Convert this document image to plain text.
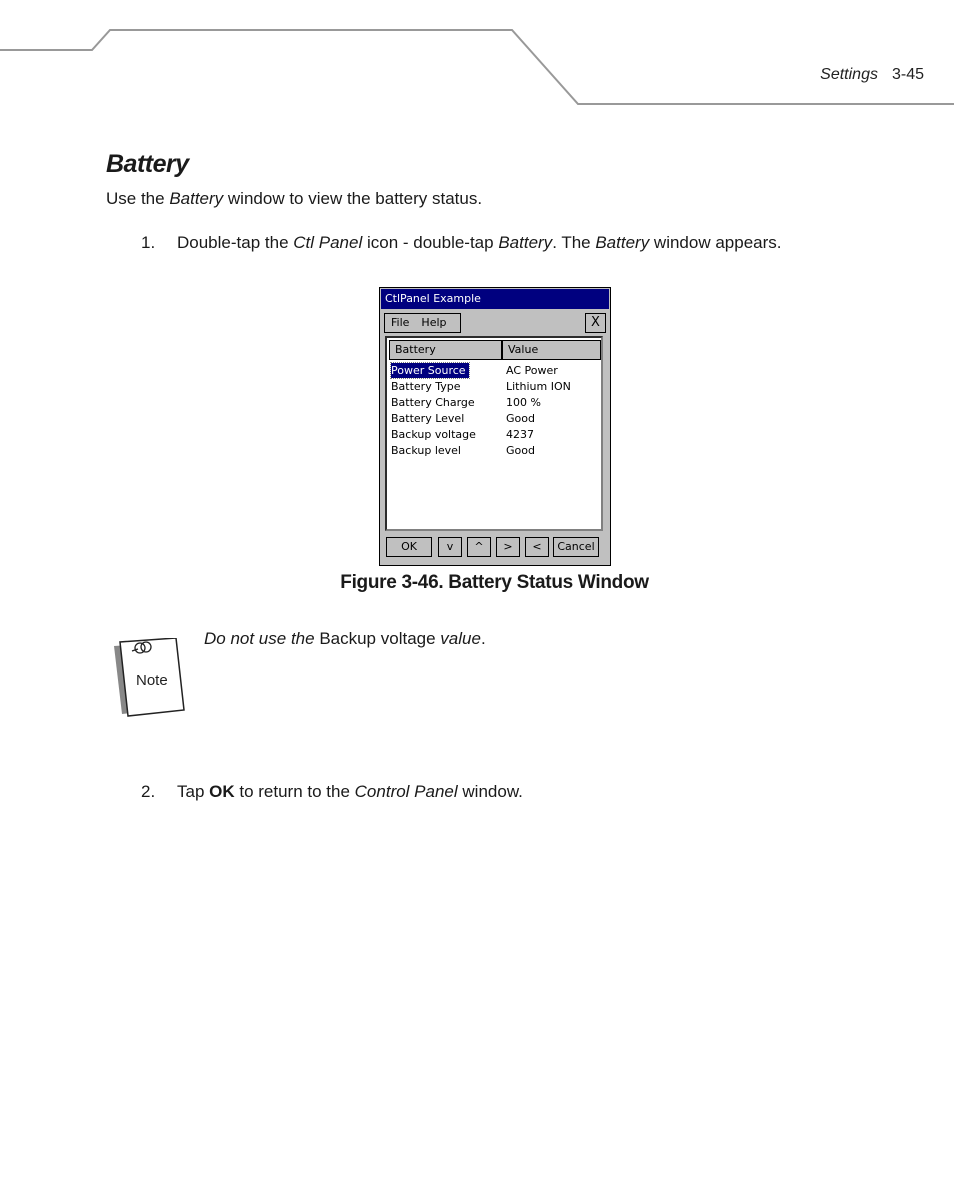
Settings 3-45
Battery

Use the Battery window to view the battery status.

1. Double-tap the Ctl Panel icon - double-tap Battery. The Battery window appears.

CtlPanel Example
File Help	X
Battery	Value
Power Source	AC Power
Battery Type	Lithium ION
Battery Charge	100 %
Battery Level	Good
Backup voltage	4237
Backup level	Good
OK	v	^	>	<	Cancel
Figure 3-46. Battery Status Window
Note

Do not use the Backup voltage value.

2. Tap OK to return to the Control Panel window.
